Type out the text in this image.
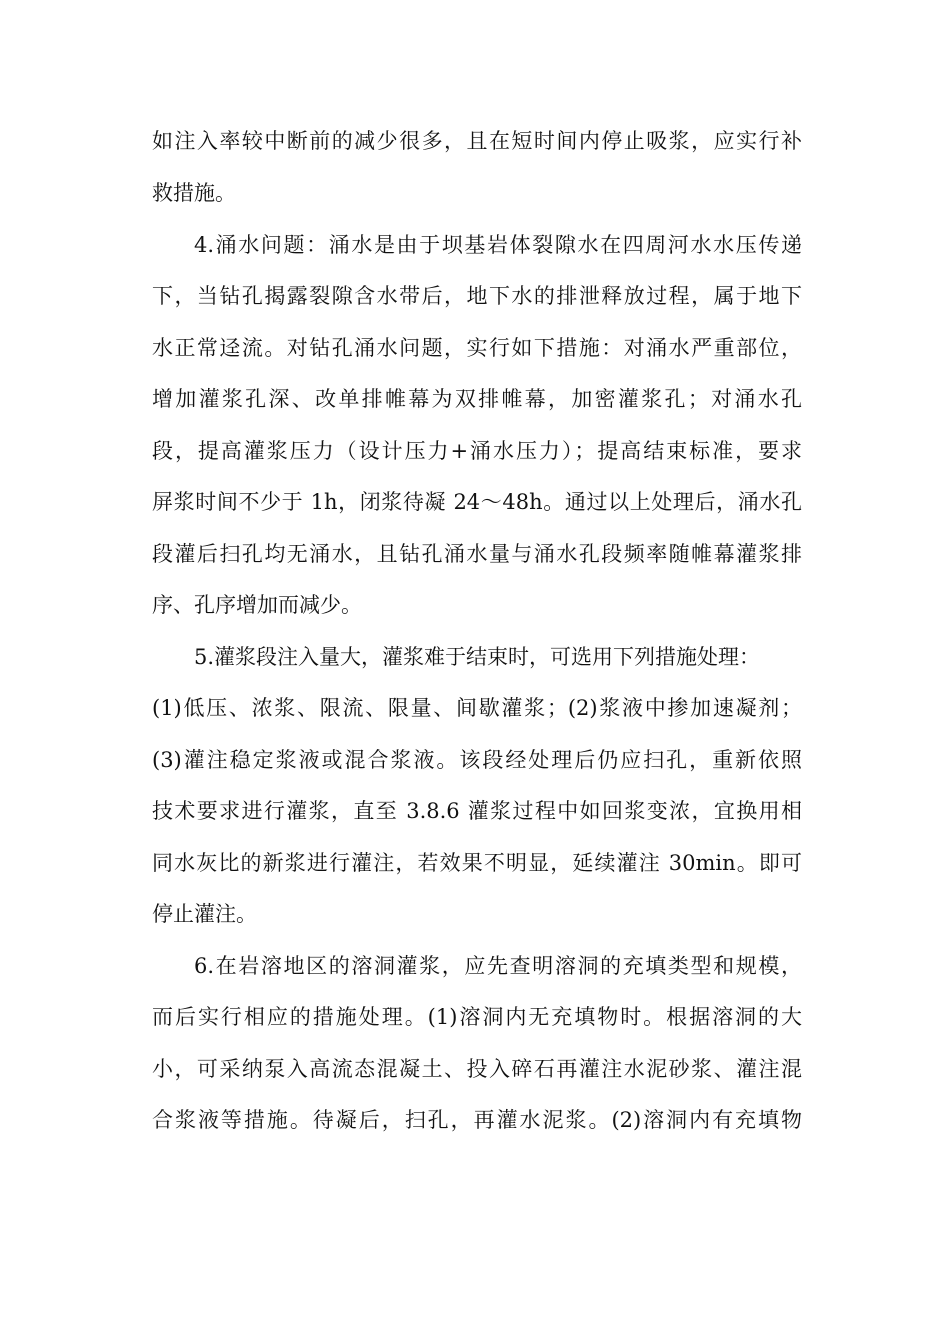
如注入率较中断前的减少很多，且在短时间内停止吸浆，应实行补
救措施。
4.涌水问题：涌水是由于坝基岩体裂隙水在四周河水水压传递
下，当钻孔揭露裂隙含水带后，地下水的排泄释放过程，属于地下
水正常迳流。对钻孔涌水问题，实行如下措施：对涌水严重部位，
增加灌浆孔深、改单排帷幕为双排帷幕，加密灌浆孔；对涌水孔
段，提高灌浆压力（设计压力+涌水压力）；提高结束标准，要求
屏浆时间不少于 1h，闭浆待凝 24～48h。通过以上处理后，涌水孔
段灌后扫孔均无涌水，且钻孔涌水量与涌水孔段频率随帷幕灌浆排
序、孔序增加而减少。
5.灌浆段注入量大，灌浆难于结束时，可选用下列措施处理：
(1)低压、浓浆、限流、限量、间歇灌浆；(2)浆液中掺加速凝剂；
(3)灌注稳定浆液或混合浆液。该段经处理后仍应扫孔，重新依照
技术要求进行灌浆，直至 3.8.6 灌浆过程中如回浆变浓，宜换用相
同水灰比的新浆进行灌注，若效果不明显，延续灌注 30min。即可
停止灌注。
6.在岩溶地区的溶洞灌浆，应先查明溶洞的充填类型和规模，
而后实行相应的措施处理。(1)溶洞内无充填物时。根据溶洞的大
小，可采纳泵入高流态混凝土、投入碎石再灌注水泥砂浆、灌注混
合浆液等措施。待凝后，扫孔，再灌水泥浆。(2)溶洞内有充填物
